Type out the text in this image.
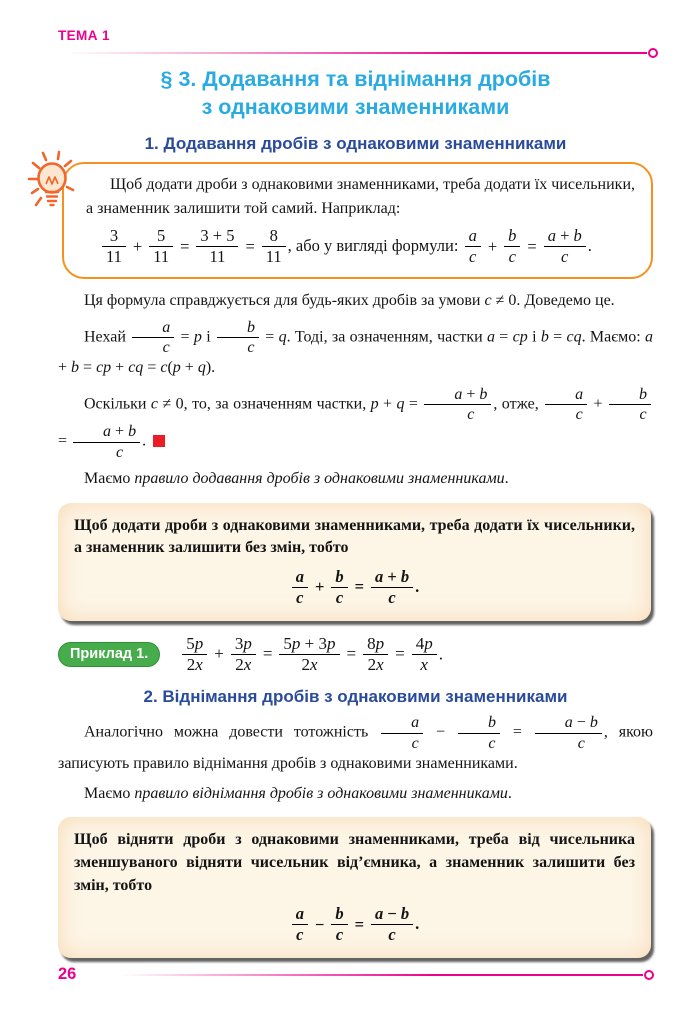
ТЕМА 1
§ 3. Додавання та віднімання дробів
з однаковими знаменниками
1. Додавання дробів з однаковими знаменниками
Щоб додати дроби з однаковими знаменниками, треба додати їх чисельники, а знаменник залишити той самий. Наприклад:
$\frac{3}{11} + \frac{5}{11} = \frac{3 + 5}{11} = \frac{8}{11}$ , або у вигляді формули: $\frac{a}{c} + \frac{b}{c} = \frac{a + b}{c}$ .

Ця формула справджується для будь-яких дробів за умови c ≠ 0. Доведемо це.

Нехай $\frac{a}{c} = p$ і $\frac{b}{c} = q$. Тоді, за означенням, частки a = cp і b = cq. Маємо: a + b = cp + cq = c(p + q).

Оскільки c ≠ 0, то, за означенням частки, $p + q = \frac{a + b}{c}$ , отже, $\frac{a}{c} + \frac{b}{c}$
= $\frac{a + b}{c}$ .

Маємо правило додавання дробів з однаковими знаменниками.

Щоб додати дроби з однаковими знаменниками, треба додати їх чисельники, а знаменник залишити без змін, тобто
$\frac{a}{c} + \frac{b}{c} = \frac{a + b}{c}$ .
Приклад 1.	$\frac{5p}{2x} + \frac{3p}{2x} = \frac{5p + 3p}{2x} = \frac{8p}{2x} = \frac{4p}{x}$ .
2. Віднімання дробів з однаковими знаменниками

Аналогічно можна довести тотожність $\frac{a}{c} - \frac{b}{c} = \frac{a - b}{c}$ , якою записують правило віднімання дробів з однаковими знаменниками.

Маємо правило віднімання дробів з однаковими знаменниками.

Щоб відняти дроби з однаковими знаменниками, треба від чисельника зменшуваного відняти чисельник від’ємника, а знаменник залишити без змін, тобто
$\frac{a}{c} - \frac{b}{c} = \frac{a - b}{c}$ .
26
